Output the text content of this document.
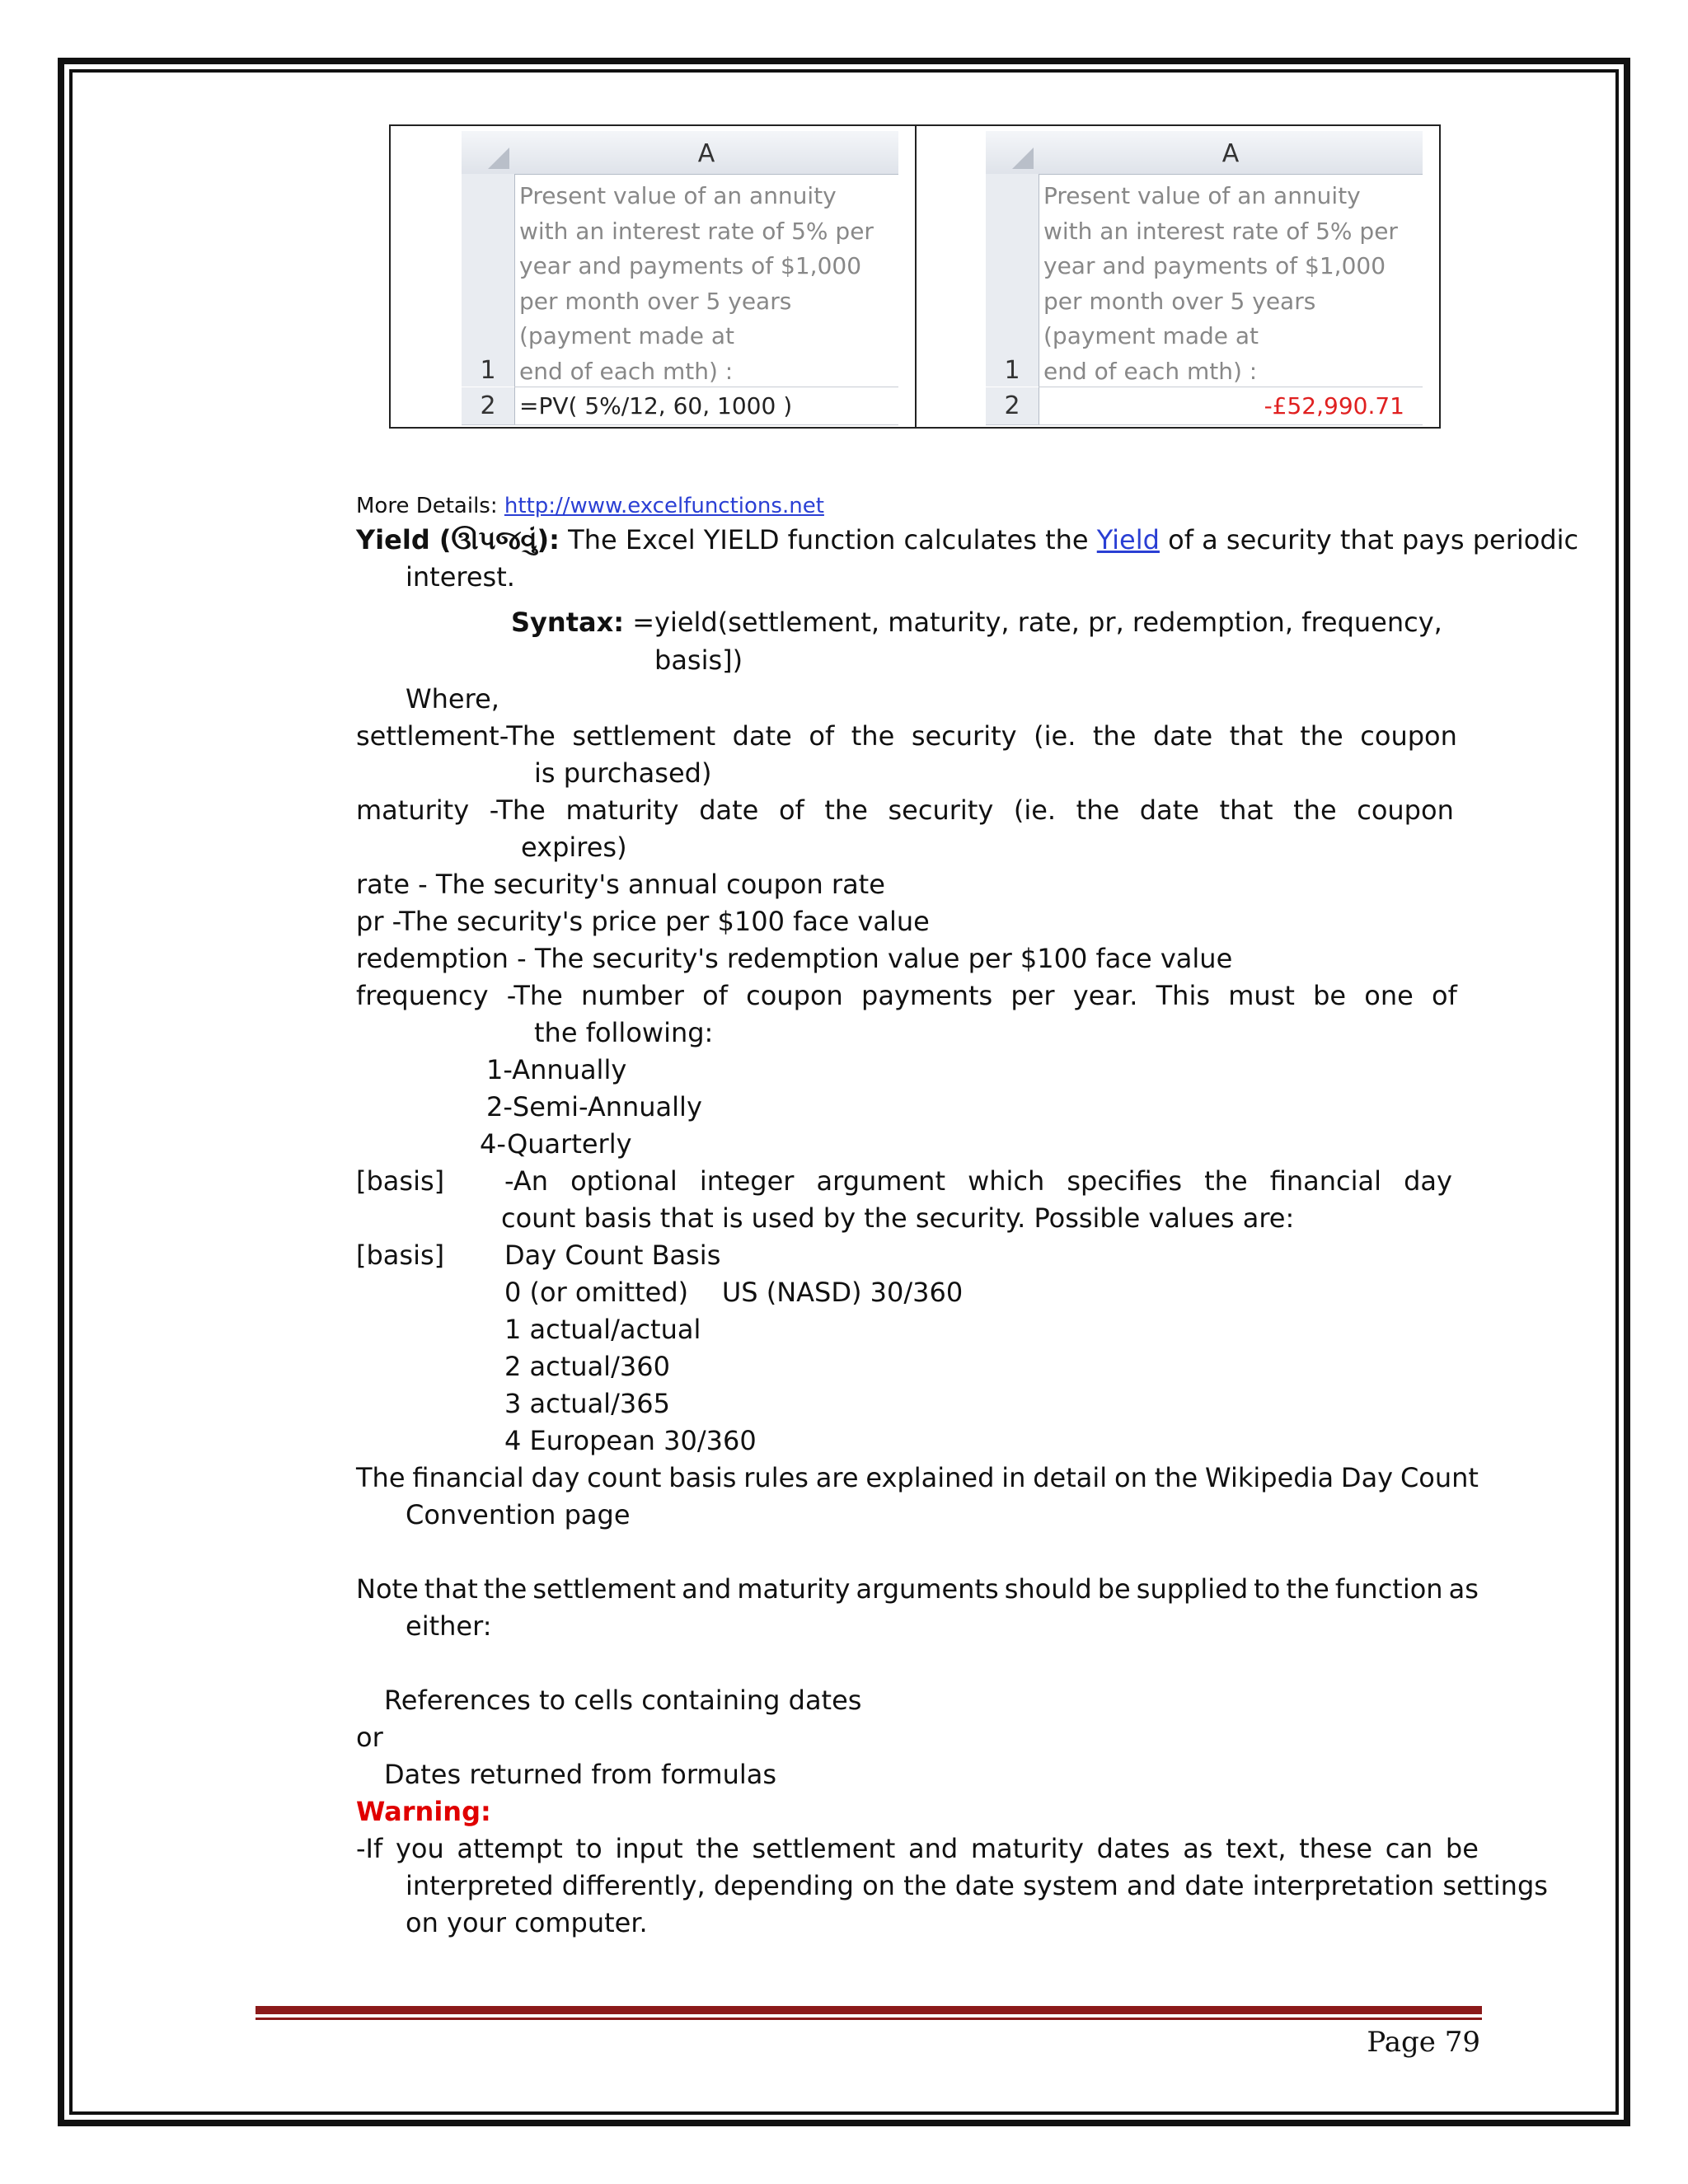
A
1
2
Present value of an annuity
with an interest rate of 5% per
year and payments of $1,000
per month over 5 years
(payment made at
end of each mth) :
=PV( 5%/12, 60, 1000 )
A
1
2
Present value of an annuity
with an interest rate of 5% per
year and payments of $1,000
per month over 5 years
(payment made at
end of each mth) :
-£52,990.71
More Details: http://www.excelfunctions.net
Yield (ઊપજવું): The Excel YIELD function calculates the Yield of a security that pays periodic
interest.
Syntax: =yield(settlement, maturity, rate, pr, redemption, frequency,
basis])
Where,
settlement-The settlement date of the security (ie. the date that the coupon
is purchased)
maturity -The maturity date of the security (ie. the date that the coupon
expires)
rate - The security's annual coupon rate
pr -The security's price per $100 face value
redemption - The security's redemption value per $100 face value
frequency -The number of coupon payments per year. This must be one of
the following:
1-Annually
2-Semi-Annually
4-Quarterly
[basis] -An optional integer argument which specifies the financial day
count basis that is used by the security. Possible values are:
[basis] Day Count Basis
0 (or omitted)    US (NASD) 30/360
1 actual/actual
2 actual/360
3 actual/365
4 European 30/360
The financial day count basis rules are explained in detail on the Wikipedia Day Count
Convention page
Note that the settlement and maturity arguments should be supplied to the function as
either:
References to cells containing dates
or
Dates returned from formulas
Warning:
-If you attempt to input the settlement and maturity dates as text, these can be
interpreted differently, depending on the date system and date interpretation settings
on your computer.
Page 79
